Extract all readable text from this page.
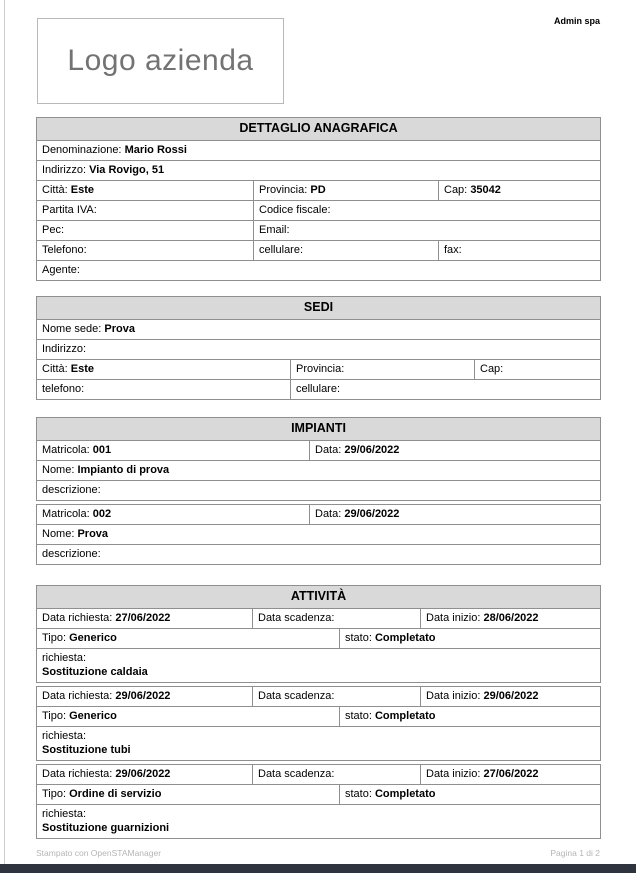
Admin spa
Logo azienda
DETTAGLIO ANAGRAFICA		
Denominazione: Mario Rossi		
Indirizzo: Via Rovigo, 51		
Città: Este	Provincia: PD	Cap: 35042
Partita IVA:	Codice fiscale:	
Pec:	Email:	
Telefono:	cellulare:	fax:
Agente:		
SEDI		
Nome sede: Prova		
Indirizzo:		
Città: Este	Provincia:	Cap:
telefono:	cellulare:	
IMPIANTI	
Matricola: 001	Data: 29/06/2022
Nome: Impianto di prova	
descrizione:	

Matricola: 002	Data: 29/06/2022
Nome: Prova	
descrizione:	
ATTIVITÀ			
Data richiesta: 27/06/2022	Data scadenza:		Data inizio: 28/06/2022
Tipo: Generico		stato: Completato	

richiesta:
Sostituzione caldaia			

Data richiesta: 29/06/2022	Data scadenza:		Data inizio: 29/06/2022
Tipo: Generico		stato: Completato	

richiesta:
Sostituzione tubi			

Data richiesta: 29/06/2022	Data scadenza:		Data inizio: 27/06/2022
Tipo: Ordine di servizio		stato: Completato	

richiesta:
Sostituzione guarnizioni			
Stampato con OpenSTAManager	Pagina 1 di 2
